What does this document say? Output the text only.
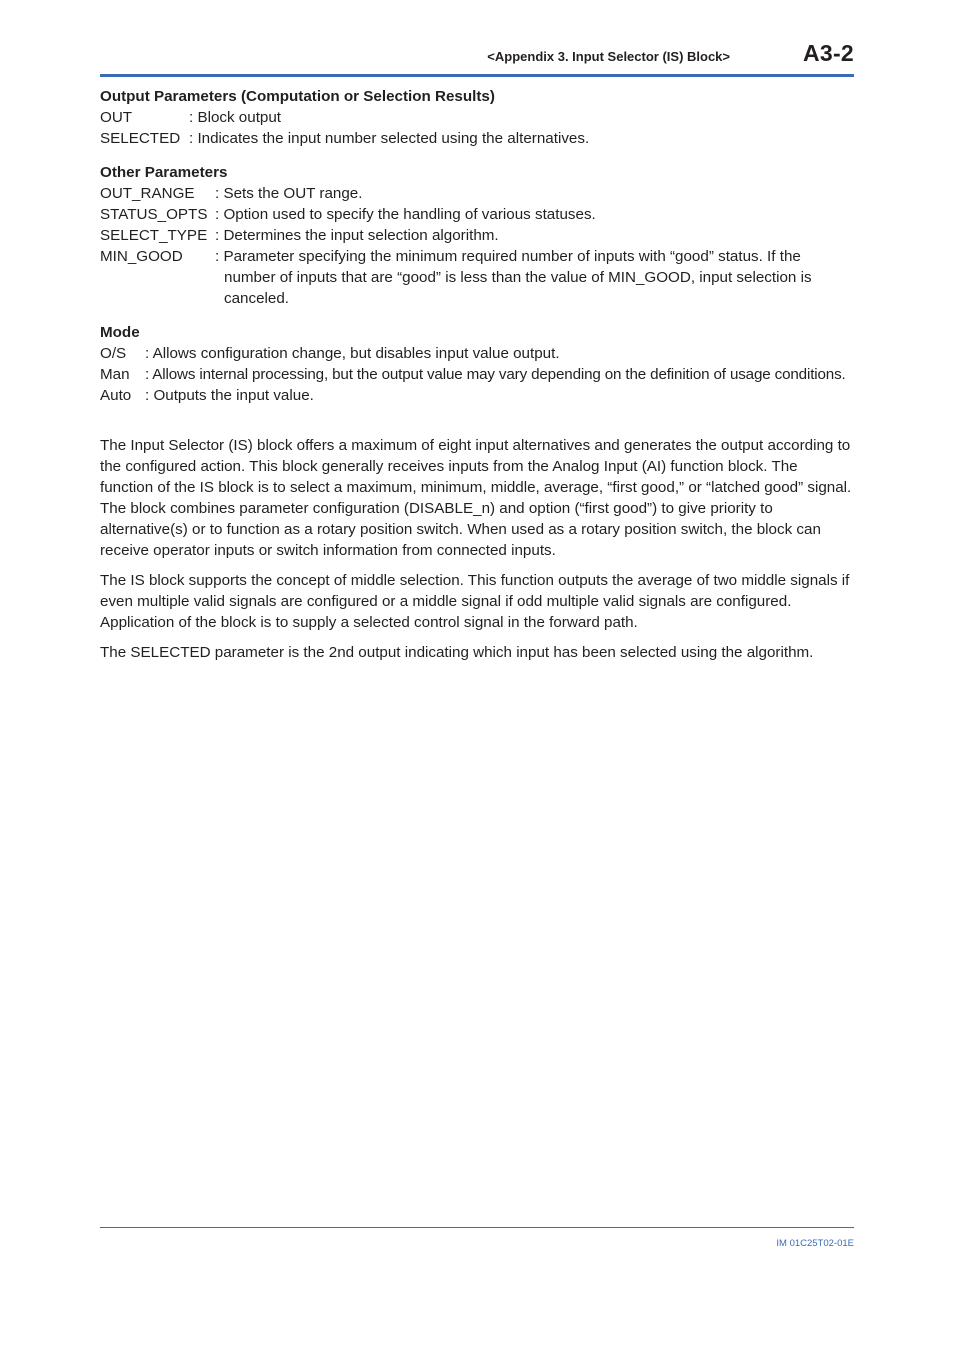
<Appendix 3. Input Selector (IS) Block>	A3-2
Output Parameters (Computation or Selection Results)
OUT	: Block output
SELECTED : Indicates the input number selected using the alternatives.
Other Parameters
OUT_RANGE	: Sets the OUT range.
STATUS_OPTS : Option used to specify the handling of various statuses.
SELECT_TYPE : Determines the input selection algorithm.
MIN_GOOD	: Parameter specifying the minimum required number of inputs with “good” status. If the number of inputs that are “good” is less than the value of MIN_GOOD, input selection is canceled.
Mode
O/S	: Allows configuration change, but disables input value output.
Man	: Allows internal processing, but the output value may vary depending on the definition of usage conditions.
Auto : Outputs the input value.

The Input Selector (IS) block offers a maximum of eight input alternatives and generates the output according to the configured action. This block generally receives inputs from the Analog Input (AI) function block. The function of the IS block is to select a maximum, minimum, middle, average, “first good,” or “latched good” signal. The block combines parameter configuration (DISABLE_n) and option (“first good”) to give priority to alternative(s) or to function as a rotary position switch. When used as a rotary position switch, the block can receive operator inputs or switch information from connected inputs.

The IS block supports the concept of middle selection. This function outputs the average of two middle signals if even multiple valid signals are configured or a middle signal if odd multiple valid signals are configured. Application of the block is to supply a selected control signal in the forward path.

The SELECTED parameter is the 2nd output indicating which input has been selected using the algorithm.

IM 01C25T02-01E
